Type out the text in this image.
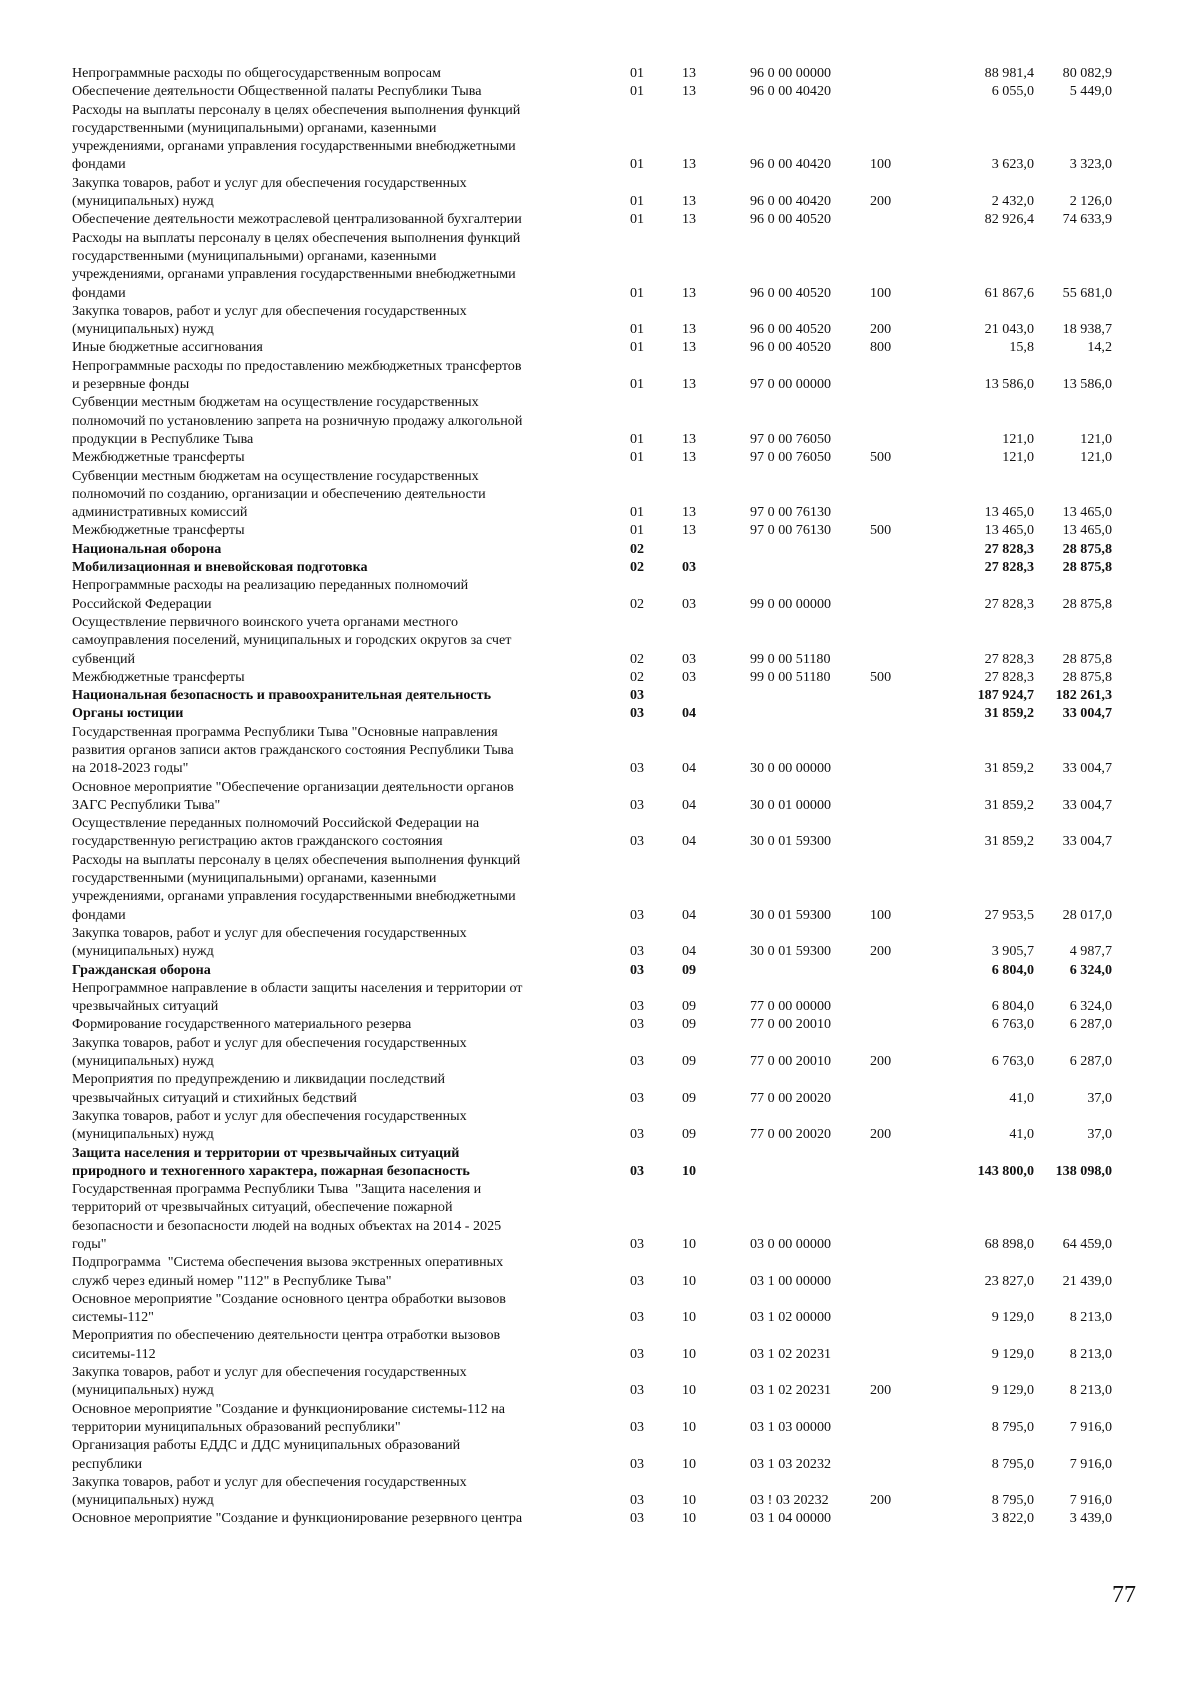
Непрограммные расходы по общегосударственным вопросам	01	13	96 0 00 00000		88 981,4	80 082,9
Обеспечение деятельности Общественной палаты Республики Тыва	01	13	96 0 00 40420		6 055,0	5 449,0
Расходы на выплаты персоналу в целях обеспечения выполнения функций
государственными (муниципальными) органами, казенными
учреждениями, органами управления государственными внебюджетными
фондами	01	13	96 0 00 40420	100	3 623,0	3 323,0
Закупка товаров, работ и услуг для обеспечения государственных
(муниципальных) нужд	01	13	96 0 00 40420	200	2 432,0	2 126,0
Обеспечение деятельности межотраслевой централизованной бухгалтерии	01	13	96 0 00 40520		82 926,4	74 633,9
Расходы на выплаты персоналу в целях обеспечения выполнения функций
государственными (муниципальными) органами, казенными
учреждениями, органами управления государственными внебюджетными
фондами	01	13	96 0 00 40520	100	61 867,6	55 681,0
Закупка товаров, работ и услуг для обеспечения государственных
(муниципальных) нужд	01	13	96 0 00 40520	200	21 043,0	18 938,7
Иные бюджетные ассигнования	01	13	96 0 00 40520	800	15,8	14,2
Непрограммные расходы по предоставлению межбюджетных трансфертов
и резервные фонды	01	13	97 0 00 00000		13 586,0	13 586,0
Субвенции местным бюджетам на осуществление государственных
полномочий по установлению запрета на розничную продажу алкогольной
продукции в Республике Тыва	01	13	97 0 00 76050		121,0	121,0
Межбюджетные трансферты	01	13	97 0 00 76050	500	121,0	121,0
Субвенции местным бюджетам на осуществление государственных
полномочий по созданию, организации и обеспечению деятельности
административных комиссий	01	13	97 0 00 76130		13 465,0	13 465,0
Межбюджетные трансферты	01	13	97 0 00 76130	500	13 465,0	13 465,0
Национальная оборона	02				27 828,3	28 875,8
Мобилизационная и вневойсковая подготовка	02	03			27 828,3	28 875,8
Непрограммные расходы на реализацию переданных полномочий
Российской Федерации	02	03	99 0 00 00000		27 828,3	28 875,8
Осуществление первичного воинского учета органами местного
самоуправления поселений, муниципальных и городских округов за счет
субвенций	02	03	99 0 00 51180		27 828,3	28 875,8
Межбюджетные трансферты	02	03	99 0 00 51180	500	27 828,3	28 875,8
Национальная безопасность и правоохранительная деятельность	03				187 924,7	182 261,3
Органы юстиции	03	04			31 859,2	33 004,7
Государственная программа Республики Тыва "Основные направления
развития органов записи актов гражданского состояния Республики Тыва
на 2018-2023 годы"	03	04	30 0 00 00000		31 859,2	33 004,7
Основное мероприятие "Обеспечение организации деятельности органов
ЗАГС Республики Тыва"	03	04	30 0 01 00000		31 859,2	33 004,7
Осуществление переданных полномочий Российской Федерации на
государственную регистрацию актов гражданского состояния	03	04	30 0 01 59300		31 859,2	33 004,7
Расходы на выплаты персоналу в целях обеспечения выполнения функций
государственными (муниципальными) органами, казенными
учреждениями, органами управления государственными внебюджетными
фондами	03	04	30 0 01 59300	100	27 953,5	28 017,0
Закупка товаров, работ и услуг для обеспечения государственных
(муниципальных) нужд	03	04	30 0 01 59300	200	3 905,7	4 987,7
Гражданская оборона	03	09			6 804,0	6 324,0
Непрограммное направление в области защиты населения и территории от
чрезвычайных ситуаций	03	09	77 0 00 00000		6 804,0	6 324,0
Формирование государственного материального резерва	03	09	77 0 00 20010		6 763,0	6 287,0
Закупка товаров, работ и услуг для обеспечения государственных
(муниципальных) нужд	03	09	77 0 00 20010	200	6 763,0	6 287,0
Мероприятия по предупреждению и ликвидации последствий
чрезвычайных ситуаций и стихийных бедствий	03	09	77 0 00 20020		41,0	37,0
Закупка товаров, работ и услуг для обеспечения государственных
(муниципальных) нужд	03	09	77 0 00 20020	200	41,0	37,0
Защита населения и территории от чрезвычайных ситуаций
природного и техногенного характера, пожарная безопасность	03	10			143 800,0	138 098,0
Государственная программа Республики Тыва  "Защита населения и
территорий от чрезвычайных ситуаций, обеспечение пожарной
безопасности и безопасности людей на водных объектах на 2014 - 2025
годы"	03	10	03 0 00 00000		68 898,0	64 459,0
Подпрограмма  "Система обеспечения вызова экстренных оперативных
служб через единый номер "112" в Республике Тыва"	03	10	03 1 00 00000		23 827,0	21 439,0
Основное мероприятие "Создание основного центра обработки вызовов
системы-112"	03	10	03 1 02 00000		9 129,0	8 213,0
Мероприятия по обеспечению деятельности центра отработки вызовов
сиситемы-112	03	10	03 1 02 20231		9 129,0	8 213,0
Закупка товаров, работ и услуг для обеспечения государственных
(муниципальных) нужд	03	10	03 1 02 20231	200	9 129,0	8 213,0
Основное мероприятие "Создание и функционирование системы-112 на
территории муниципальных образований республики"	03	10	03 1 03 00000		8 795,0	7 916,0
Организация работы ЕДДС и ДДС муниципальных образований
республики	03	10	03 1 03 20232		8 795,0	7 916,0
Закупка товаров, работ и услуг для обеспечения государственных
(муниципальных) нужд	03	10	03 ! 03 20232	200	8 795,0	7 916,0
Основное мероприятие "Создание и функционирование резервного центра	03	10	03 1 04 00000		3 822,0	3 439,0
77
